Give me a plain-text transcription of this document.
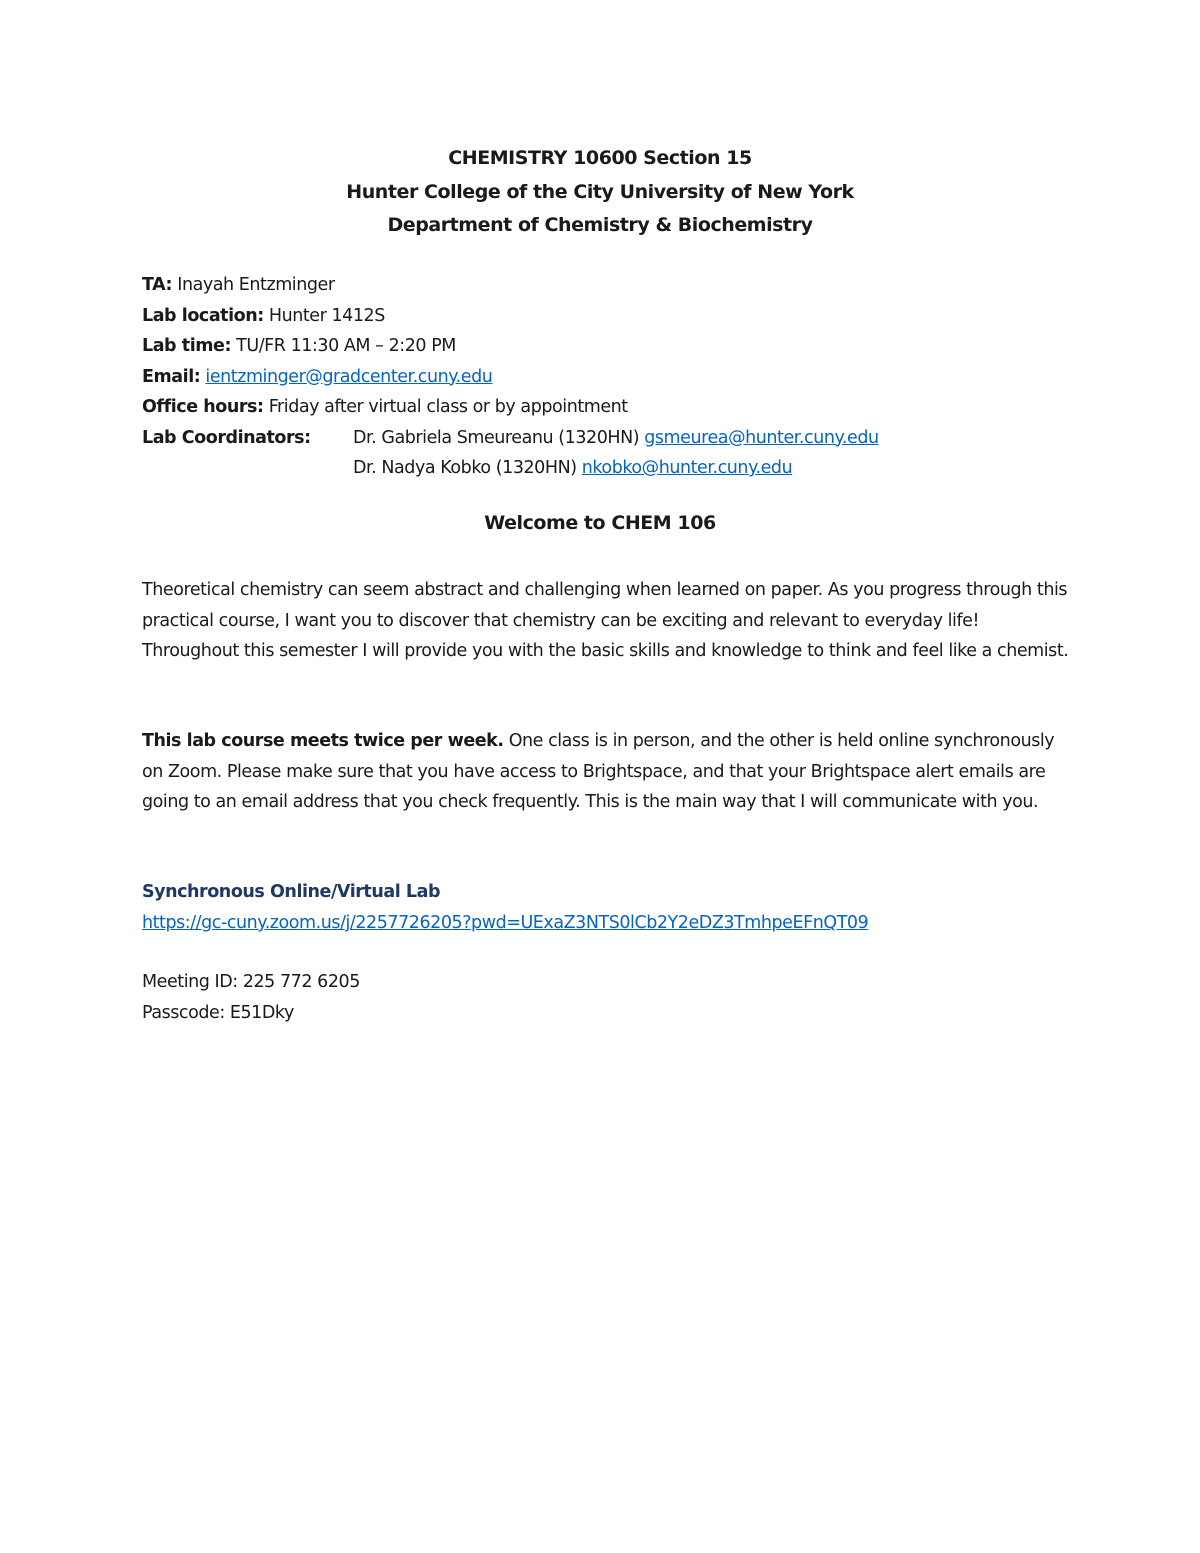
CHEMISTRY 10600 Section 15
Hunter College of the City University of New York
Department of Chemistry & Biochemistry
TA: Inayah Entzminger
Lab location: Hunter 1412S
Lab time: TU/FR 11:30 AM – 2:20 PM
Email: ientzminger@gradcenter.cuny.edu
Office hours: Friday after virtual class or by appointment
Lab Coordinators: Dr. Gabriela Smeureanu (1320HN) gsmeurea@hunter.cuny.edu
Dr. Nadya Kobko (1320HN) nkobko@hunter.cuny.edu
Welcome to CHEM 106

Theoretical chemistry can seem abstract and challenging when learned on paper. As you progress through this practical course, I want you to discover that chemistry can be exciting and relevant to everyday life! Throughout this semester I will provide you with the basic skills and knowledge to think and feel like a chemist.

This lab course meets twice per week. One class is in person, and the other is held online synchronously on Zoom. Please make sure that you have access to Brightspace, and that your Brightspace alert emails are going to an email address that you check frequently. This is the main way that I will communicate with you.

Synchronous Online/Virtual Lab
https://gc-cuny.zoom.us/j/2257726205?pwd=UExaZ3NTS0lCb2Y2eDZ3TmhpeEFnQT09
Meeting ID: 225 772 6205
Passcode: E51Dky
